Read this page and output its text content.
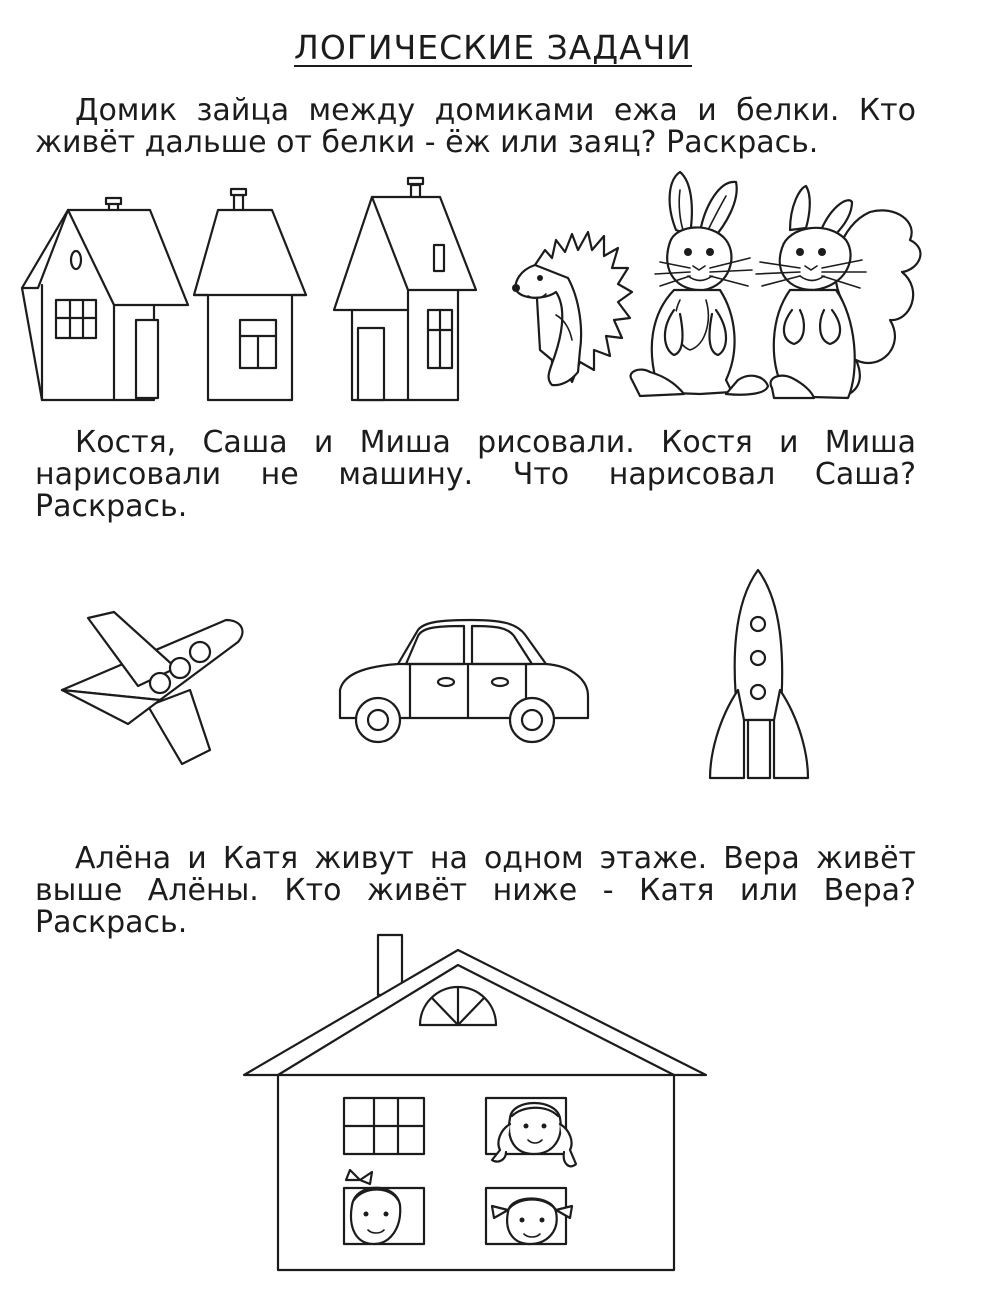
ЛОГИЧЕСКИЕ ЗАДАЧИ

Домик зайца между домиками ежа и белки. Кто живёт дальше от белки - ёж или заяц? Раскрась.

Костя, Саша и Миша рисовали. Костя и Миша нарисовали не машину. Что нарисовал Саша? Раскрась.

Алёна и Катя живут на одном этаже. Вера живёт выше Алёны. Кто живёт ниже - Катя или Вера? Раскрась.
